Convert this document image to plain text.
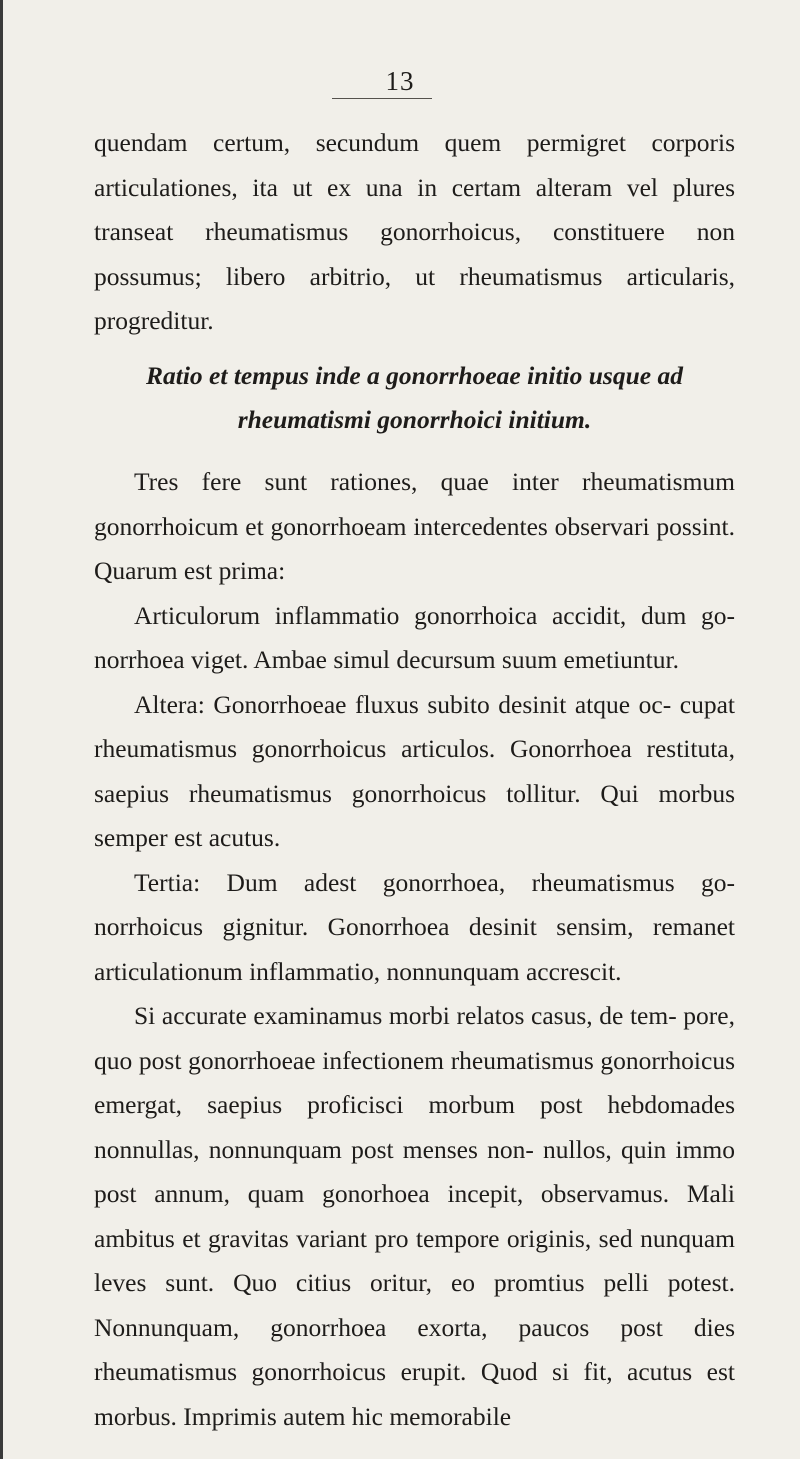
13

quendam certum, secundum quem permigret corporis articulationes, ita ut ex una in certam alteram vel plures transeat rheumatismus gonorrhoicus, constituere non possumus; libero arbitrio, ut rheumatismus articularis, progreditur.

Ratio et tempus inde a gonorrhoeae initio usque ad
rheumatismi gonorrhoici initium.

Tres fere sunt rationes, quae inter rheumatismum gonorrhoicum et gonorrhoeam intercedentes observari possint. Quarum est prima:

Articulorum inflammatio gonorrhoica accidit, dum go- norrhoea viget. Ambae simul decursum suum emetiuntur.

Altera: Gonorrhoeae fluxus subito desinit atque oc- cupat rheumatismus gonorrhoicus articulos. Gonorrhoea restituta, saepius rheumatismus gonorrhoicus tollitur. Qui morbus semper est acutus.

Tertia: Dum adest gonorrhoea, rheumatismus go- norrhoicus gignitur. Gonorrhoea desinit sensim, remanet articulationum inflammatio, nonnunquam accrescit.

Si accurate examinamus morbi relatos casus, de tem- pore, quo post gonorrhoeae infectionem rheumatismus gonorrhoicus emergat, saepius proficisci morbum post hebdomades nonnullas, nonnunquam post menses non- nullos, quin immo post annum, quam gonorhoea incepit, observamus. Mali ambitus et gravitas variant pro tempore originis, sed nunquam leves sunt. Quo citius oritur, eo promtius pelli potest. Nonnunquam, gonorrhoea exorta, paucos post dies rheumatismus gonorrhoicus erupit. Quod si fit, acutus est morbus. Imprimis autem hic memorabile
